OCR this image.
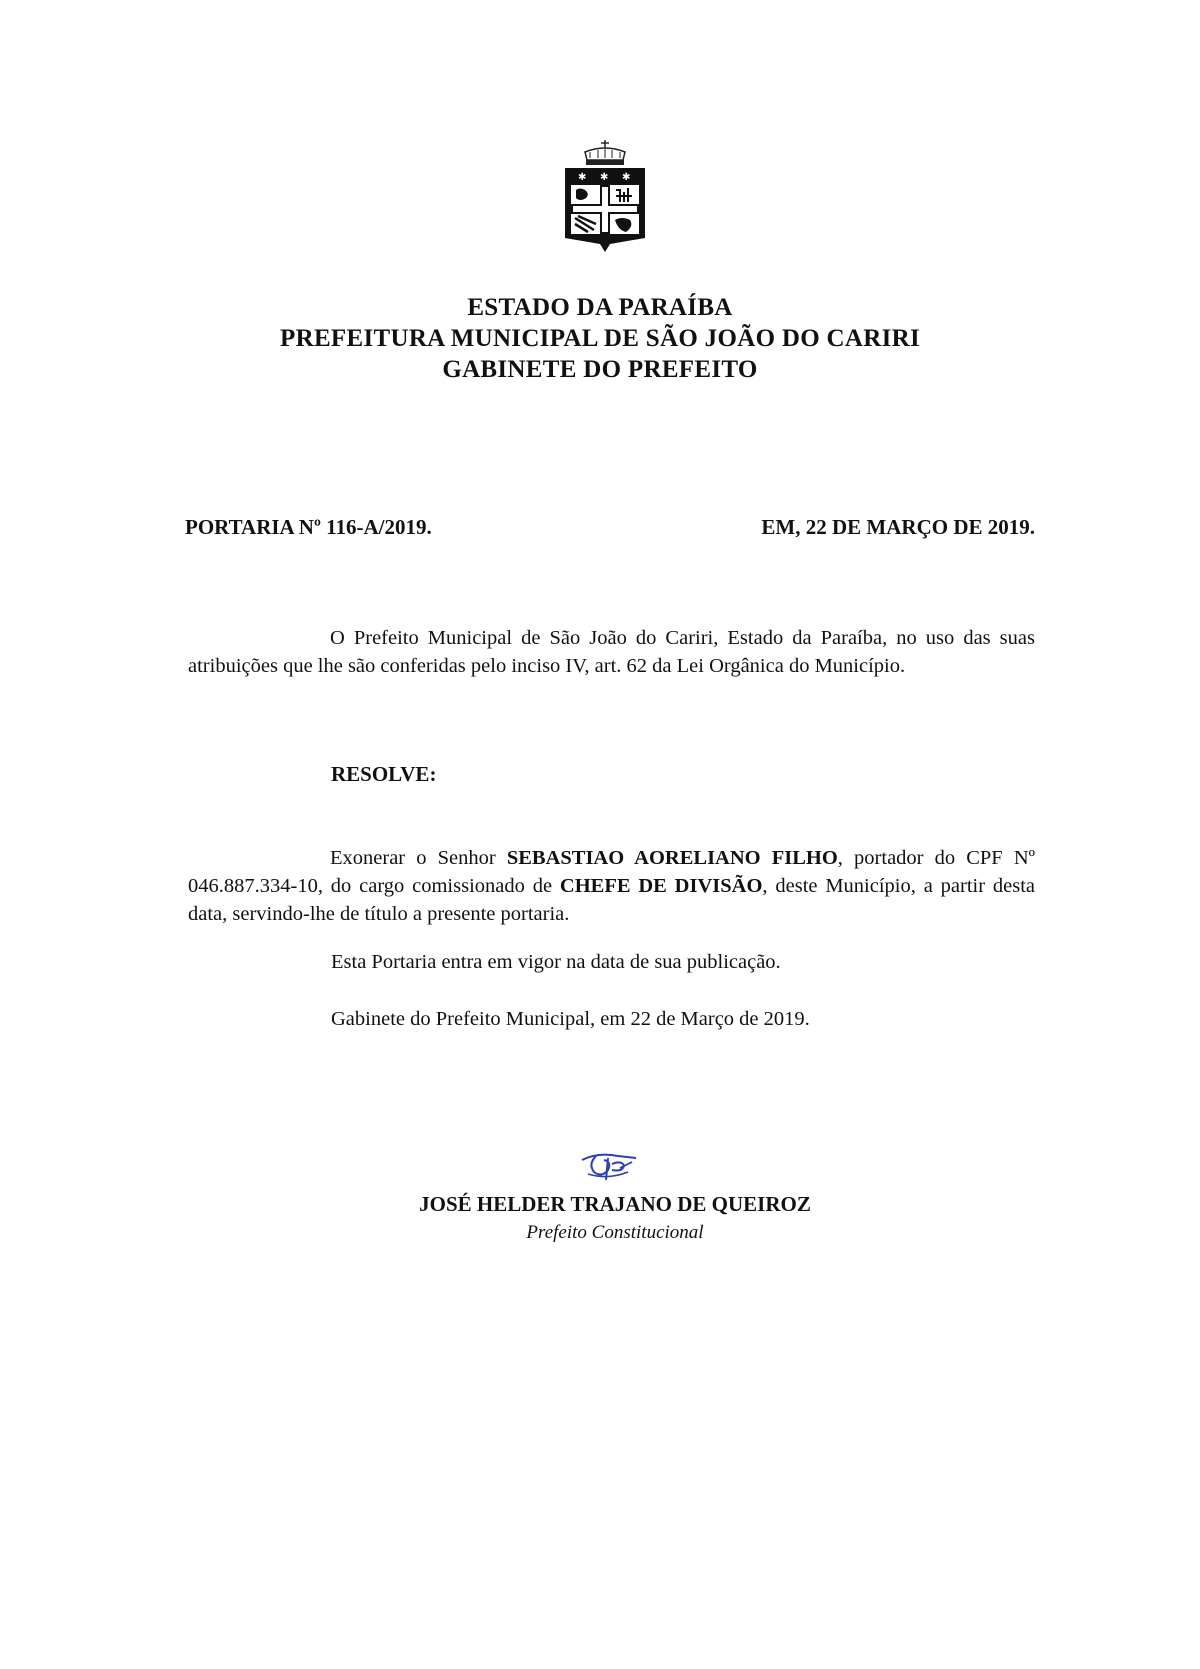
✱ ✱ ✱
ESTADO DA PARAÍBA
PREFEITURA MUNICIPAL DE SÃO JOÃO DO CARIRI
GABINETE DO PREFEITO
PORTARIA Nº 116-A/2019.	EM, 22 DE MARÇO DE 2019.
O Prefeito Municipal de São João do Cariri, Estado da Paraíba, no uso das suas atribuições que lhe são conferidas pelo inciso IV, art. 62 da Lei Orgânica do Município.
RESOLVE:
Exonerar o Senhor SEBASTIAO AORELIANO FILHO, portador do CPF Nº 046.887.334-10, do cargo comissionado de CHEFE DE DIVISÃO, deste Município, a partir desta data, servindo-lhe de título a presente portaria.
Esta Portaria entra em vigor na data de sua publicação.
Gabinete do Prefeito Municipal, em 22 de Março de 2019.
JOSÉ HELDER TRAJANO DE QUEIROZ
Prefeito Constitucional
